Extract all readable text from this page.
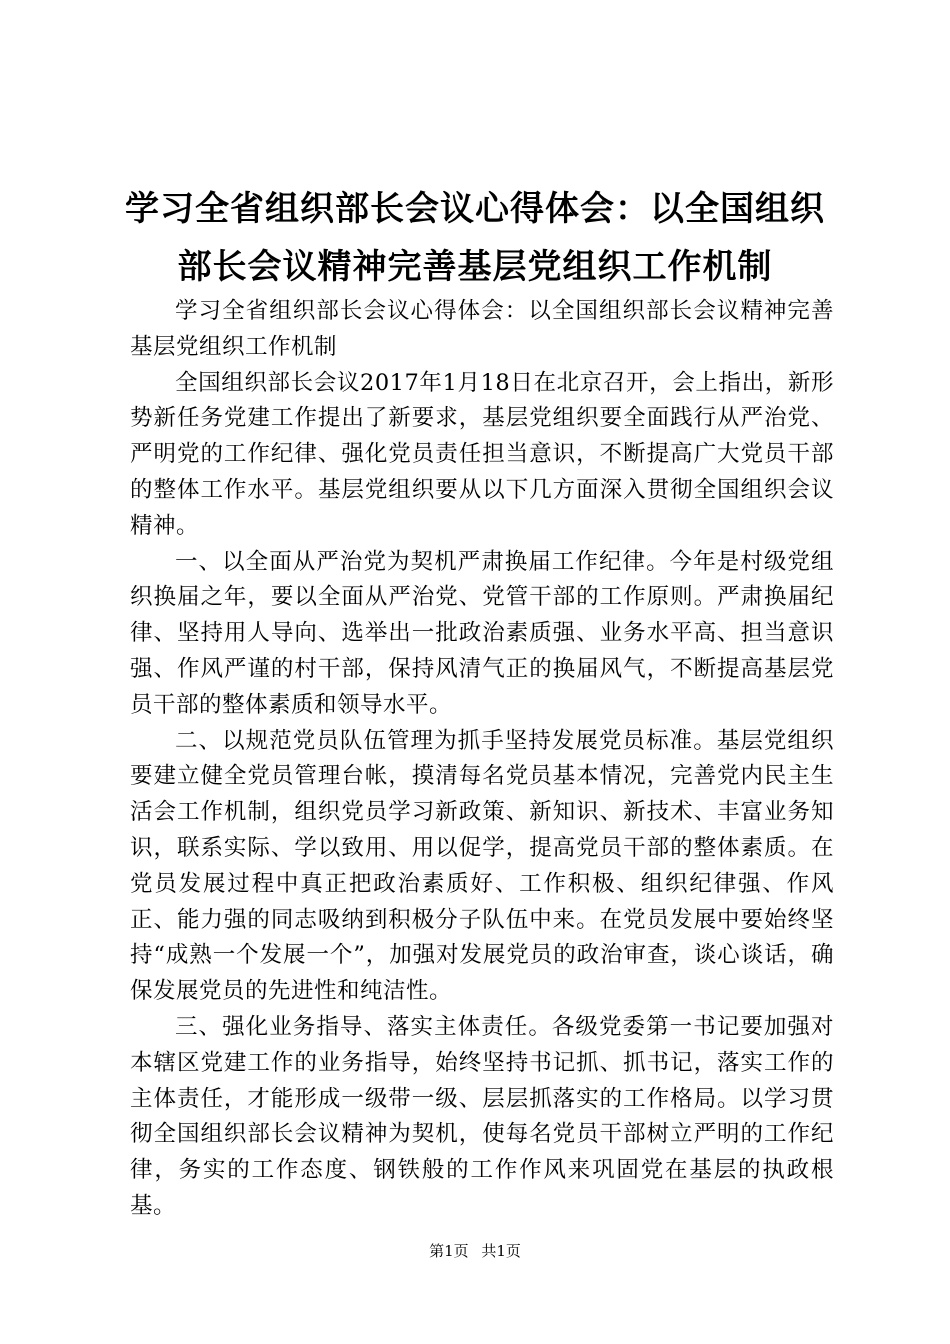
学习全省组织部长会议心得体会：以全国组织
部长会议精神完善基层党组织工作机制

学习全省组织部长会议心得体会：以全国组织部长会议精神完善基层党组织工作机制

全国组织部长会议2017年1月18日在北京召开，会上指出，新形势新任务党建工作提出了新要求，基层党组织要全面践行从严治党、严明党的工作纪律、强化党员责任担当意识，不断提高广大党员干部的整体工作水平。基层党组织要从以下几方面深入贯彻全国组织会议精神。

一、以全面从严治党为契机严肃换届工作纪律。今年是村级党组织换届之年，要以全面从严治党、党管干部的工作原则。严肃换届纪律、坚持用人导向、选举出一批政治素质强、业务水平高、担当意识强、作风严谨的村干部，保持风清气正的换届风气，不断提高基层党员干部的整体素质和领导水平。

二、以规范党员队伍管理为抓手坚持发展党员标准。基层党组织要建立健全党员管理台帐，摸清每名党员基本情况，完善党内民主生活会工作机制，组织党员学习新政策、新知识、新技术、丰富业务知识，联系实际、学以致用、用以促学，提高党员干部的整体素质。在党员发展过程中真正把政治素质好、工作积极、组织纪律强、作风正、能力强的同志吸纳到积极分子队伍中来。在党员发展中要始终坚持“成熟一个发展一个”，加强对发展党员的政治审查，谈心谈话，确保发展党员的先进性和纯洁性。

三、强化业务指导、落实主体责任。各级党委第一书记要加强对本辖区党建工作的业务指导，始终坚持书记抓、抓书记，落实工作的主体责任，才能形成一级带一级、层层抓落实的工作格局。以学习贯彻全国组织部长会议精神为契机，使每名党员干部树立严明的工作纪律，务实的工作态度、钢铁般的工作作风来巩固党在基层的执政根基。

第1页 共1页
